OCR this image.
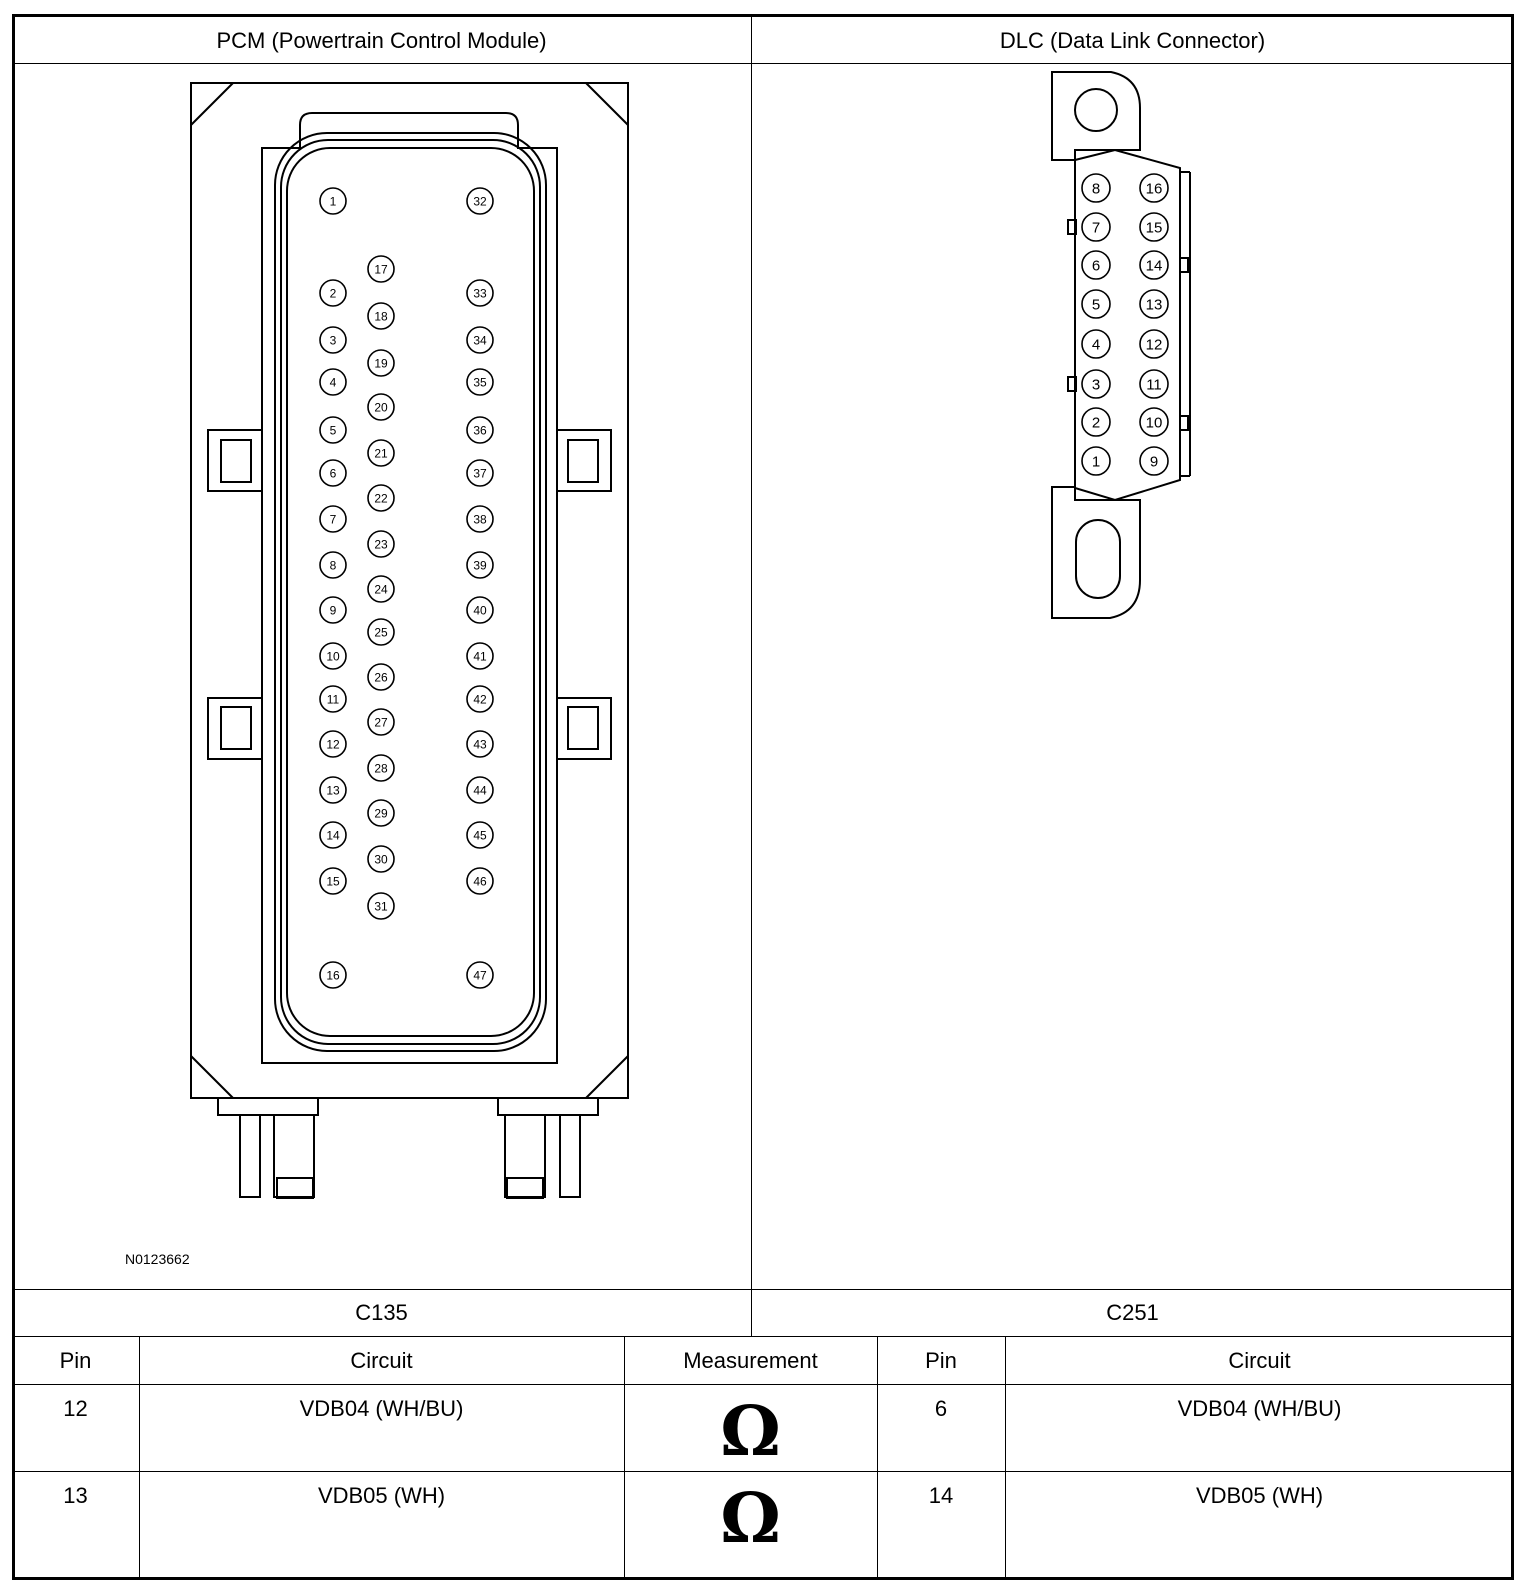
PCM (Powertrain Control Module)	DLC (Data Link Connector)
1
2
3
4
5
6
7
8
9
10
11
12
13
14
15
16
17
18
19
20
21
22
23
24
25
26
27
28
29
30
31
32
33
34
35
36
37
38
39
40
41
42
43
44
45
46
47
N0123662
8
7
6
5
4
3
2
1
16
15
14
13
12
11
10
9
C135	C251
Pin	Circuit	Measurement	Pin	Circuit
12	VDB04 (WH/BU)	Ω	6	VDB04 (WH/BU)
13	VDB05 (WH)	Ω	14	VDB05 (WH)
